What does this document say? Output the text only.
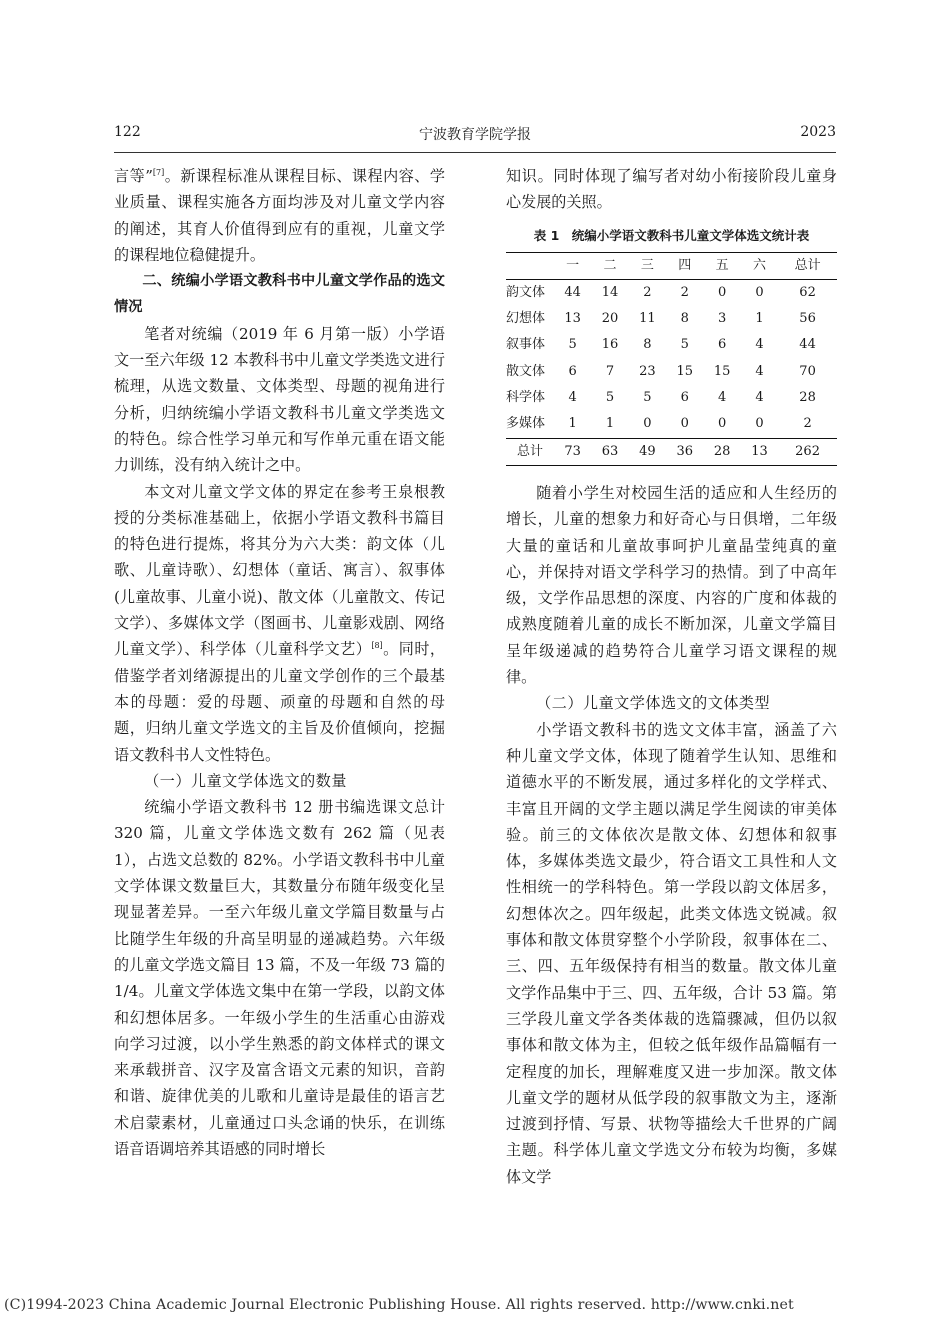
122	宁波教育学院学报	2023

言等”[7]。新课程标准从课程目标、课程内容、学业质量、课程实施各方面均涉及对儿童文学内容的阐述，其育人价值得到应有的重视，儿童文学的课程地位稳健提升。

二、统编小学语文教科书中儿童文学作品的选文情况

笔者对统编（2019 年 6 月第一版）小学语文一至六年级 12 本教科书中儿童文学类选文进行梳理，从选文数量、文体类型、母题的视角进行分析，归纳统编小学语文教科书儿童文学类选文的特色。综合性学习单元和写作单元重在语文能力训练，没有纳入统计之中。

本文对儿童文学文体的界定在参考王泉根教授的分类标准基础上，依据小学语文教科书篇目的特色进行提炼，将其分为六大类：韵文体（儿歌、儿童诗歌）、幻想体（童话、寓言）、叙事体(儿童故事、儿童小说)、散文体（儿童散文、传记文学）、多媒体文学（图画书、儿童影戏剧、网络儿童文学）、科学体（儿童科学文艺）[8]。同时，借鉴学者刘绪源提出的儿童文学创作的三个最基本的母题：爱的母题、顽童的母题和自然的母题，归纳儿童文学选文的主旨及价值倾向，挖掘语文教科书人文性特色。

（一）儿童文学体选文的数量

统编小学语文教科书 12 册书编选课文总计 320 篇，儿童文学体选文数有 262 篇（见表 1），占选文总数的 82%。小学语文教科书中儿童文学体课文数量巨大，其数量分布随年级变化呈现显著差异。一至六年级儿童文学篇目数量与占比随学生年级的升高呈明显的递减趋势。六年级的儿童文学选文篇目 13 篇，不及一年级 73 篇的 1/4。儿童文学体选文集中在第一学段，以韵文体和幻想体居多。一年级小学生的生活重心由游戏向学习过渡，以小学生熟悉的韵文体样式的课文来承载拼音、汉字及富含语文元素的知识，音韵和谐、旋律优美的儿歌和儿童诗是最佳的语言艺术启蒙素材，儿童通过口头念诵的快乐，在训练语音语调培养其语感的同时增长

知识。同时体现了编写者对幼小衔接阶段儿童身心发展的关照。

表 1　统编小学语文教科书儿童文学体选文统计表
	一	二	三	四	五	六	总计
韵文体	44	14	2	2	0	0	62
幻想体	13	20	11	8	3	1	56
叙事体	5	16	8	5	6	4	44
散文体	6	7	23	15	15	4	70
科学体	4	5	5	6	4	4	28
多媒体	1	1	0	0	0	0	2
总计	73	63	49	36	28	13	262

随着小学生对校园生活的适应和人生经历的增长，儿童的想象力和好奇心与日俱增，二年级大量的童话和儿童故事呵护儿童晶莹纯真的童心，并保持对语文学科学习的热情。到了中高年级，文学作品思想的深度、内容的广度和体裁的成熟度随着儿童的成长不断加深，儿童文学篇目呈年级递减的趋势符合儿童学习语文课程的规律。

（二）儿童文学体选文的文体类型

小学语文教科书的选文文体丰富，涵盖了六种儿童文学文体，体现了随着学生认知、思维和道德水平的不断发展，通过多样化的文学样式、丰富且开阔的文学主题以满足学生阅读的审美体验。前三的文体依次是散文体、幻想体和叙事体，多媒体类选文最少，符合语文工具性和人文性相统一的学科特色。第一学段以韵文体居多，幻想体次之。四年级起，此类文体选文锐减。叙事体和散文体贯穿整个小学阶段，叙事体在二、三、四、五年级保持有相当的数量。散文体儿童文学作品集中于三、四、五年级，合计 53 篇。第三学段儿童文学各类体裁的选篇骤减，但仍以叙事体和散文体为主，但较之低年级作品篇幅有一定程度的加长，理解难度又进一步加深。散文体儿童文学的题材从低学段的叙事散文为主，逐渐过渡到抒情、写景、状物等描绘大千世界的广阔主题。科学体儿童文学选文分布较为均衡，多媒体文学

(C)1994-2023 China Academic Journal Electronic Publishing House. All rights reserved. http://www.cnki.net
